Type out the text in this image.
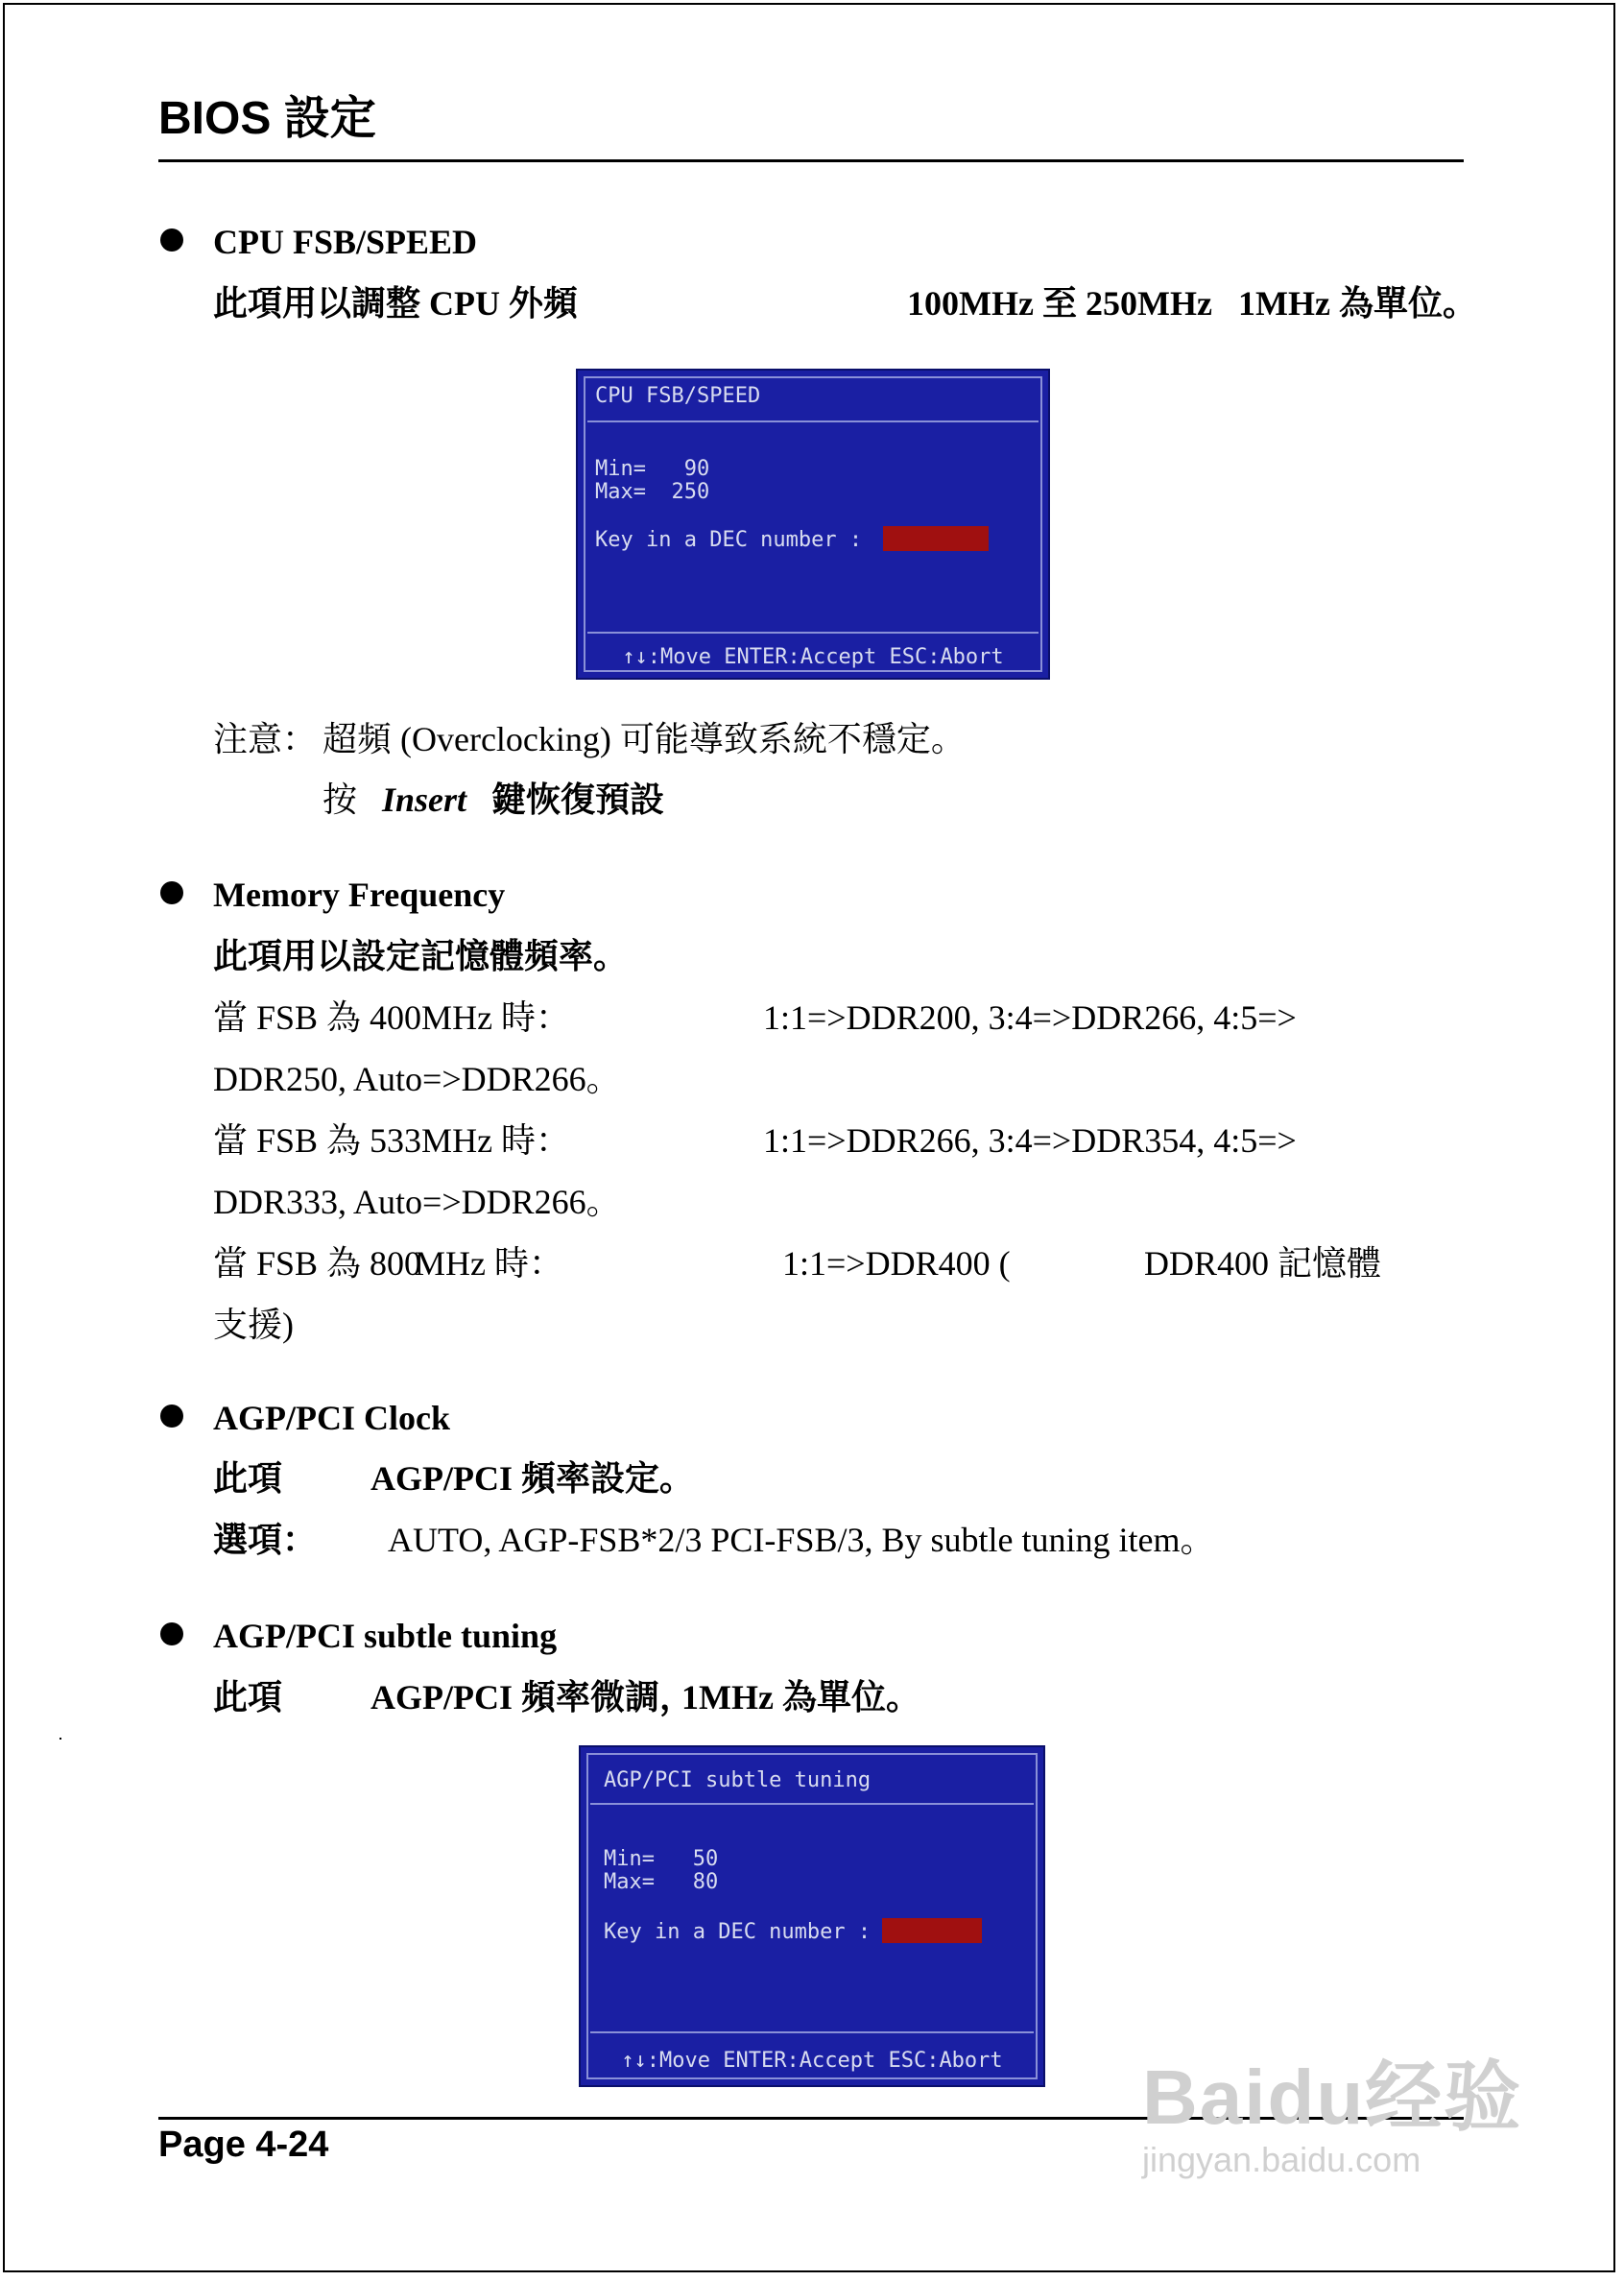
BIOS 設定
CPU FSB/SPEED
此項用以調整 CPU 外頻	100MHz 至 250MHz 1MHz 為單位。
CPU FSB/SPEED
Min=   90
Max=  250
Key in a DEC number :
↑↓:Move ENTER:Accept ESC:Abort
注意： 超頻 (Overclocking) 可能導致系統不穩定。
按 Insert 鍵恢復預設
Memory Frequency
此項用以設定記憶體頻率。
當 FSB 為 400MHz 時：	1:1=>DDR200, 3:4=>DDR266, 4:5=>
DDR250, Auto=>DDR266。
當 FSB 為 533MHz 時：	1:1=>DDR266, 3:4=>DDR354, 4:5=>
DDR333, Auto=>DDR266。
當 FSB 為 800
MHz 時：	1:1=>DDR400 (	DDR400 記憶體
支援)
AGP/PCI Clock
此項	AGP/PCI 頻率設定。
選項： AUTO, AGP-FSB*2/3 PCI-FSB/3, By subtle tuning item。
AGP/PCI subtle tuning
此項	AGP/PCI 頻率微調，
1MHz 為單位。
AGP/PCI subtle tuning
Min=   50
Max=   80
Key in a DEC number :
↑↓:Move ENTER:Accept ESC:Abort
Page 4-24
Baidu经验
jingyan.baidu.com
